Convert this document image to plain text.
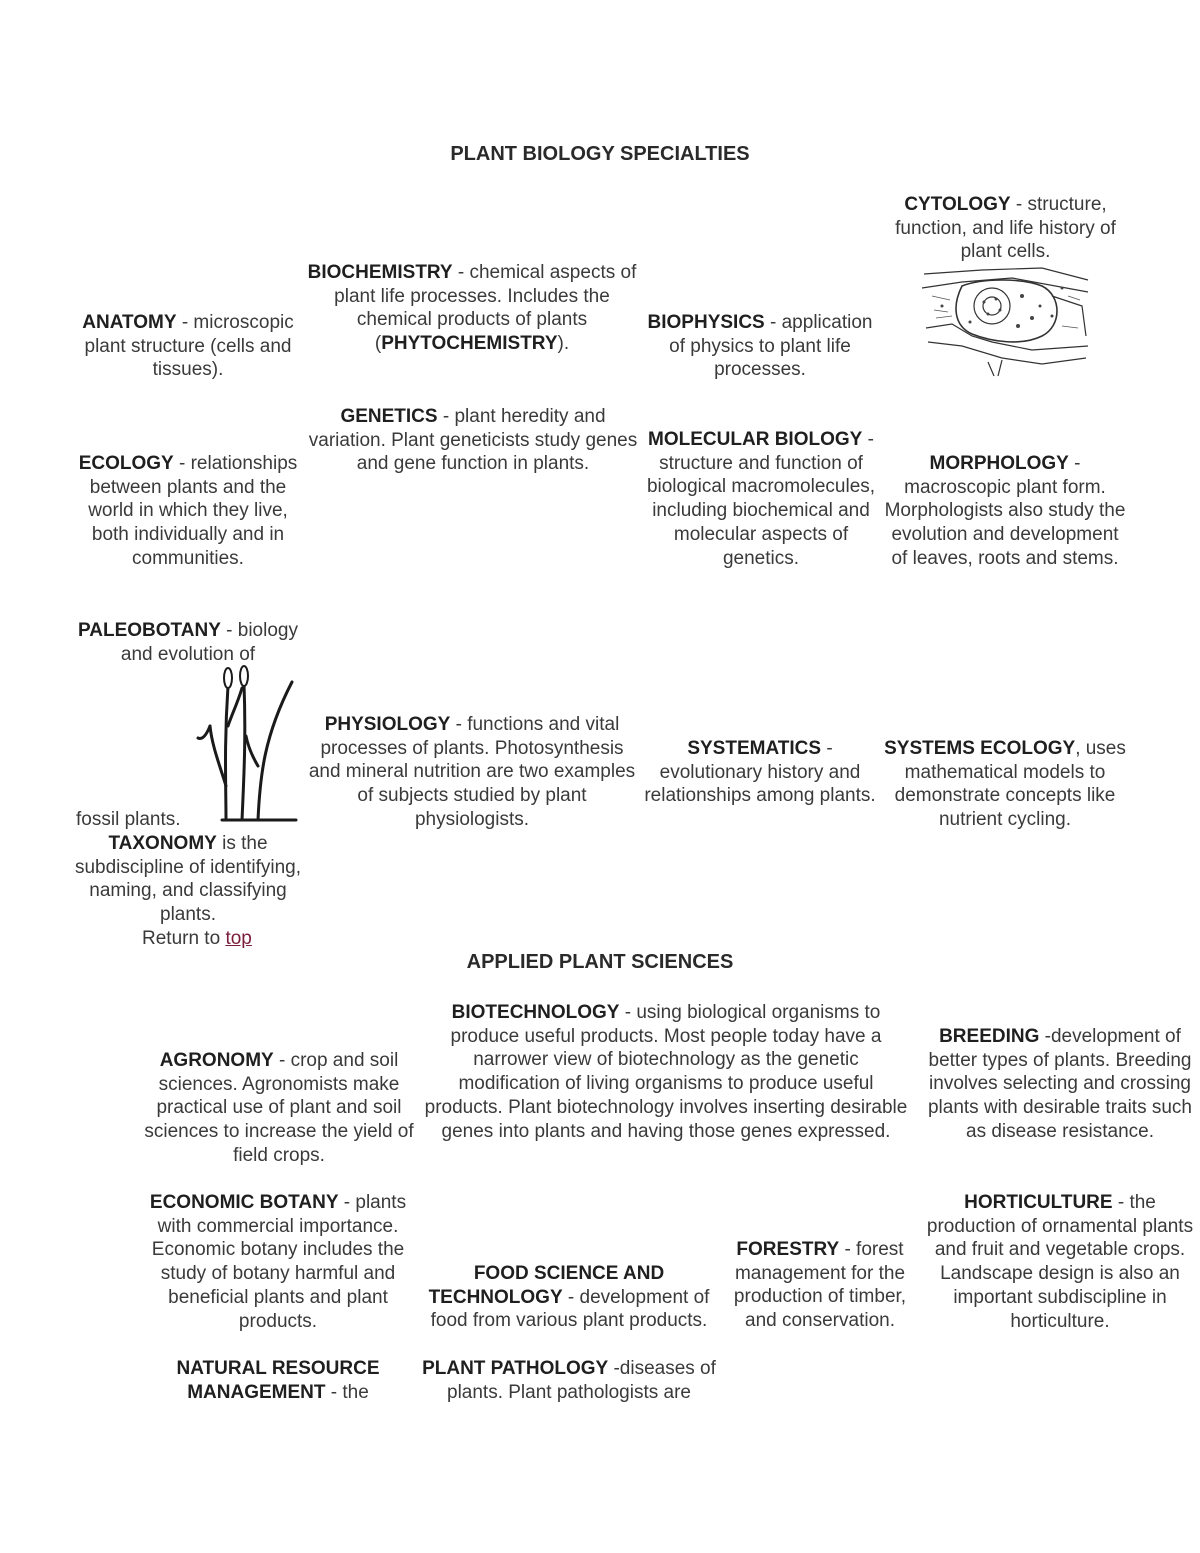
PLANT BIOLOGY SPECIALTIES
APPLIED PLANT SCIENCES
CYTOLOGY - structure, function, and life history of plant cells.
BIOCHEMISTRY - chemical aspects of plant life processes. Includes the chemical products of plants (PHYTOCHEMISTRY).
ANATOMY - microscopic plant structure (cells and tissues).
BIOPHYSICS - application of physics to plant life processes.
GENETICS - plant heredity and variation. Plant geneticists study genes and gene function in plants.
MOLECULAR BIOLOGY - structure and function of biological macromolecules, including biochemical and molecular aspects of genetics.
ECOLOGY - relationships between plants and the world in which they live, both individually and in communities.
MORPHOLOGY - macroscopic plant form. Morphologists also study the evolution and development of leaves, roots and stems.
PALEOBOTANY - biology and evolution of
fossil plants.
PHYSIOLOGY - functions and vital processes of plants. Photosynthesis and mineral nutrition are two examples of subjects studied by plant physiologists.
SYSTEMATICS - evolutionary history and relationships among plants.
SYSTEMS ECOLOGY, uses mathematical models to demonstrate concepts like nutrient cycling.
TAXONOMY is the subdiscipline of identifying, naming, and classifying plants.
Return to top
BIOTECHNOLOGY - using biological organisms to produce useful products. Most people today have a narrower view of biotechnology as the genetic modification of living organisms to produce useful products. Plant biotechnology involves inserting desirable genes into plants and having those genes expressed.
AGRONOMY - crop and soil sciences. Agronomists make practical use of plant and soil sciences to increase the yield of field crops.
BREEDING -development of better types of plants. Breeding involves selecting and crossing plants with desirable traits such as disease resistance.
ECONOMIC BOTANY - plants with commercial importance. Economic botany includes the study of botany harmful and beneficial plants and plant products.
HORTICULTURE - the production of ornamental plants and fruit and vegetable crops. Landscape design is also an important subdiscipline in horticulture.
FORESTRY - forest management for the production of timber, and conservation.
FOOD SCIENCE AND TECHNOLOGY - development of food from various plant products.
NATURAL RESOURCE MANAGEMENT - the
PLANT PATHOLOGY -diseases of plants. Plant pathologists are
